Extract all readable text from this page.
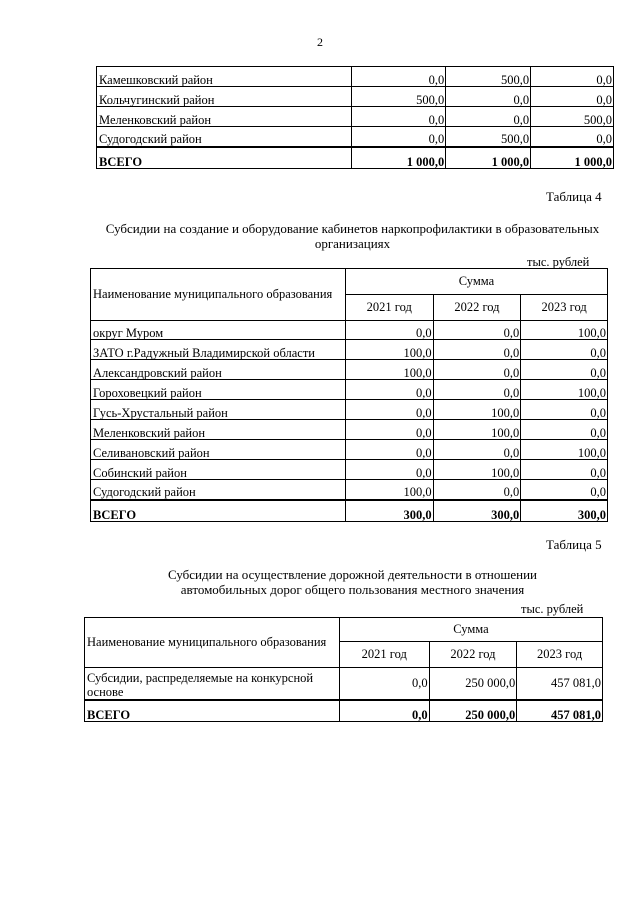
2
Камешковский район	0,0	500,0	0,0
Кольчугинский район	500,0	0,0	0,0
Меленковский район	0,0	0,0	500,0
Судогодский район	0,0	500,0	0,0
ВСЕГО	1 000,0	1 000,0	1 000,0
Таблица 4
Субсидии на создание и оборудование кабинетов наркопрофилактики в образовательных
организациях
тыс. рублей
Наименование муниципального образования	Сумма		
	2021 год	2022 год	2023 год
округ Муром	0,0	0,0	100,0
ЗАТО г.Радужный Владимирской области	100,0	0,0	0,0
Александровский район	100,0	0,0	0,0
Гороховецкий район	0,0	0,0	100,0
Гусь-Хрустальный район	0,0	100,0	0,0
Меленковский район	0,0	100,0	0,0
Селивановский район	0,0	0,0	100,0
Собинский район	0,0	100,0	0,0
Судогодский район	100,0	0,0	0,0
ВСЕГО	300,0	300,0	300,0
Таблица 5
Субсидии на осуществление дорожной деятельности в отношении
автомобильных дорог общего пользования местного значения
тыс. рублей
Наименование муниципального образования	Сумма		
	2021 год	2022 год	2023 год

Субсидии, распределяемые на конкурсной
основе	0,0	250 000,0	457 081,0
ВСЕГО	0,0	250 000,0	457 081,0
